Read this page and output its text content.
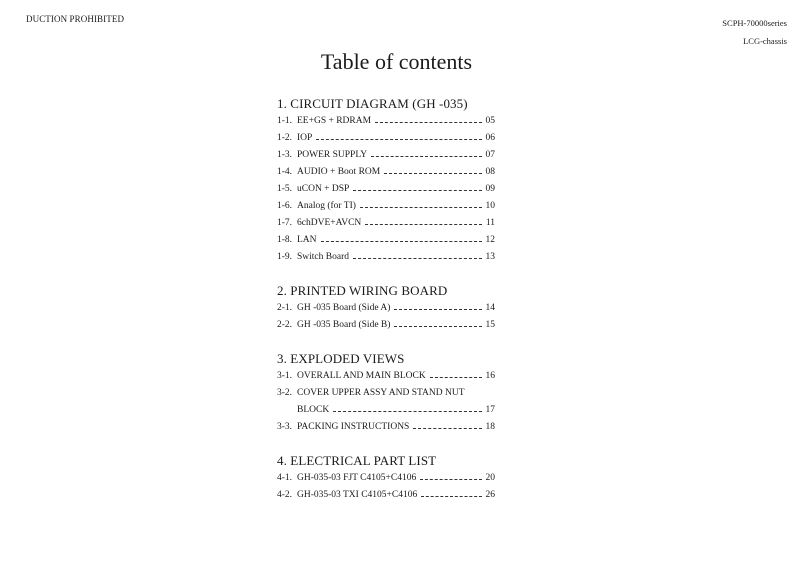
DUCTION PROHIBITED	SCPH-70000series
LCG-chassis
Table of contents
1. CIRCUIT DIAGRAM (GH -035)
1-1. EE+GS + RDRAM	05
1-2. IOP	06
1-3. POWER SUPPLY	07
1-4. AUDIO + Boot ROM	08
1-5. uCON + DSP	09
1-6. Analog (for TI)	10
1-7. 6chDVE+AVCN	11
1-8. LAN	12
1-9. Switch Board	13
2. PRINTED WIRING BOARD
2-1. GH -035 Board (Side A)	14
2-2. GH -035 Board (Side B)	15
3. EXPLODED VIEWS
3-1. OVERALL AND MAIN BLOCK	16
3-2. COVER UPPER ASSY AND STAND NUT
BLOCK	17
3-3. PACKING INSTRUCTIONS	18
4. ELECTRICAL PART LIST
4-1. GH-035-03 FJT C4105+C4106	20
4-2. GH-035-03 TXI C4105+C4106	26
